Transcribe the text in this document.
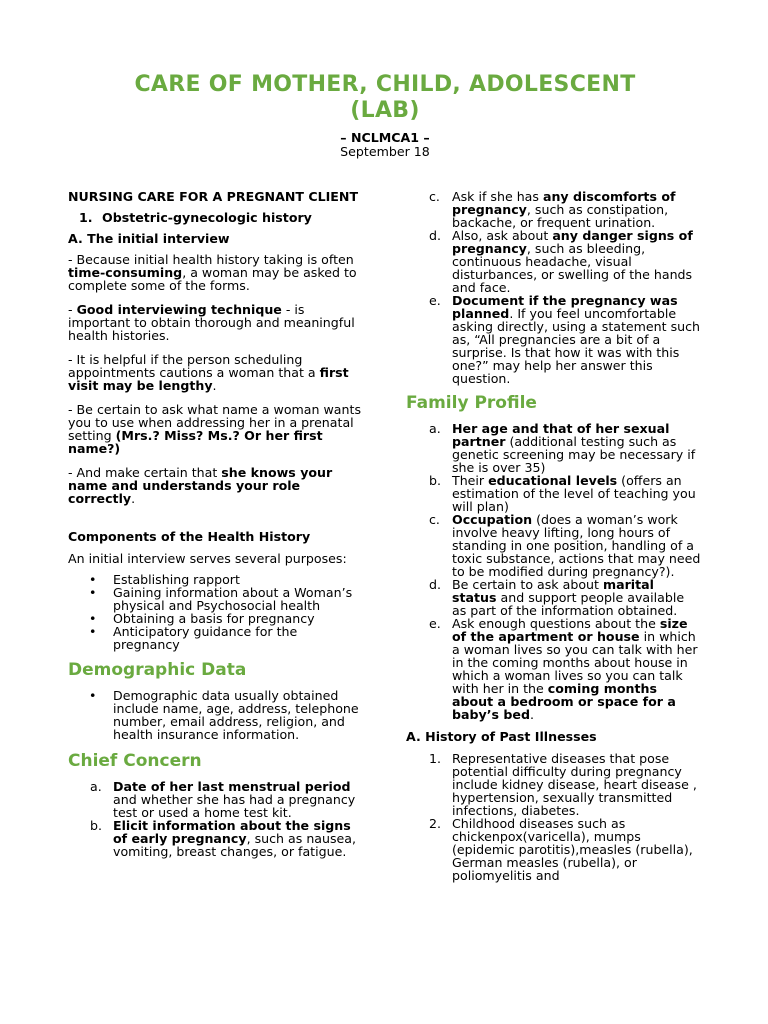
CARE OF MOTHER, CHILD, ADOLESCENT
(LAB)
– NCLMCA1 –
September 18

NURSING CARE FOR A PREGNANT CLIENT

1. Obstetric-gynecologic history

A. The initial interview

- Because initial health history taking is often time-consuming, a woman may be asked to complete some of the forms.

- Good interviewing technique - is important to obtain thorough and meaningful health histories.

- It is helpful if the person scheduling appointments cautions a woman that a first visit may be lengthy.

- Be certain to ask what name a woman wants you to use when addressing her in a prenatal setting (Mrs.? Miss? Ms.? Or her first name?)

- And make certain that she knows your name and understands your role correctly.

Components of the Health History

An initial interview serves several purposes:

• Establishing rapport
• Gaining information about a Woman’s physical and Psychosocial health
• Obtaining a basis for pregnancy
• Anticipatory guidance for the pregnancy

Demographic Data

• Demographic data usually obtained include name, age, address, telephone number, email address, religion, and health insurance information.

Chief Concern

a. Date of her last menstrual period and whether she has had a pregnancy test or used a home test kit.
b. Elicit information about the signs of early pregnancy, such as nausea, vomiting, breast changes, or fatigue.
c. Ask if she has any discomforts of pregnancy, such as constipation, backache, or frequent urination.
d. Also, ask about any danger signs of pregnancy, such as bleeding, continuous headache, visual disturbances, or swelling of the hands and face.
e. Document if the pregnancy was planned. If you feel uncomfortable asking directly, using a statement such as, “All pregnancies are a bit of a surprise. Is that how it was with this one?” may help her answer this question.

Family Profile

a. Her age and that of her sexual partner (additional testing such as genetic screening may be necessary if she is over 35)
b. Their educational levels (offers an estimation of the level of teaching you will plan)
c. Occupation (does a woman’s work involve heavy lifting, long hours of standing in one position, handling of a toxic substance, actions that may need to be modified during pregnancy?).
d. Be certain to ask about marital status and support people available as part of the information obtained.
e. Ask enough questions about the size of the apartment or house in which a woman lives so you can talk with her in the coming months about house in which a woman lives so you can talk with her in the coming months about a bedroom or space for a baby’s bed.

A. History of Past Illnesses

1. Representative diseases that pose potential difficulty during pregnancy include kidney disease, heart disease , hypertension, sexually transmitted infections, diabetes.
2. Childhood diseases such as chickenpox(varicella), mumps (epidemic parotitis),measles (rubella), German measles (rubella), or poliomyelitis and
